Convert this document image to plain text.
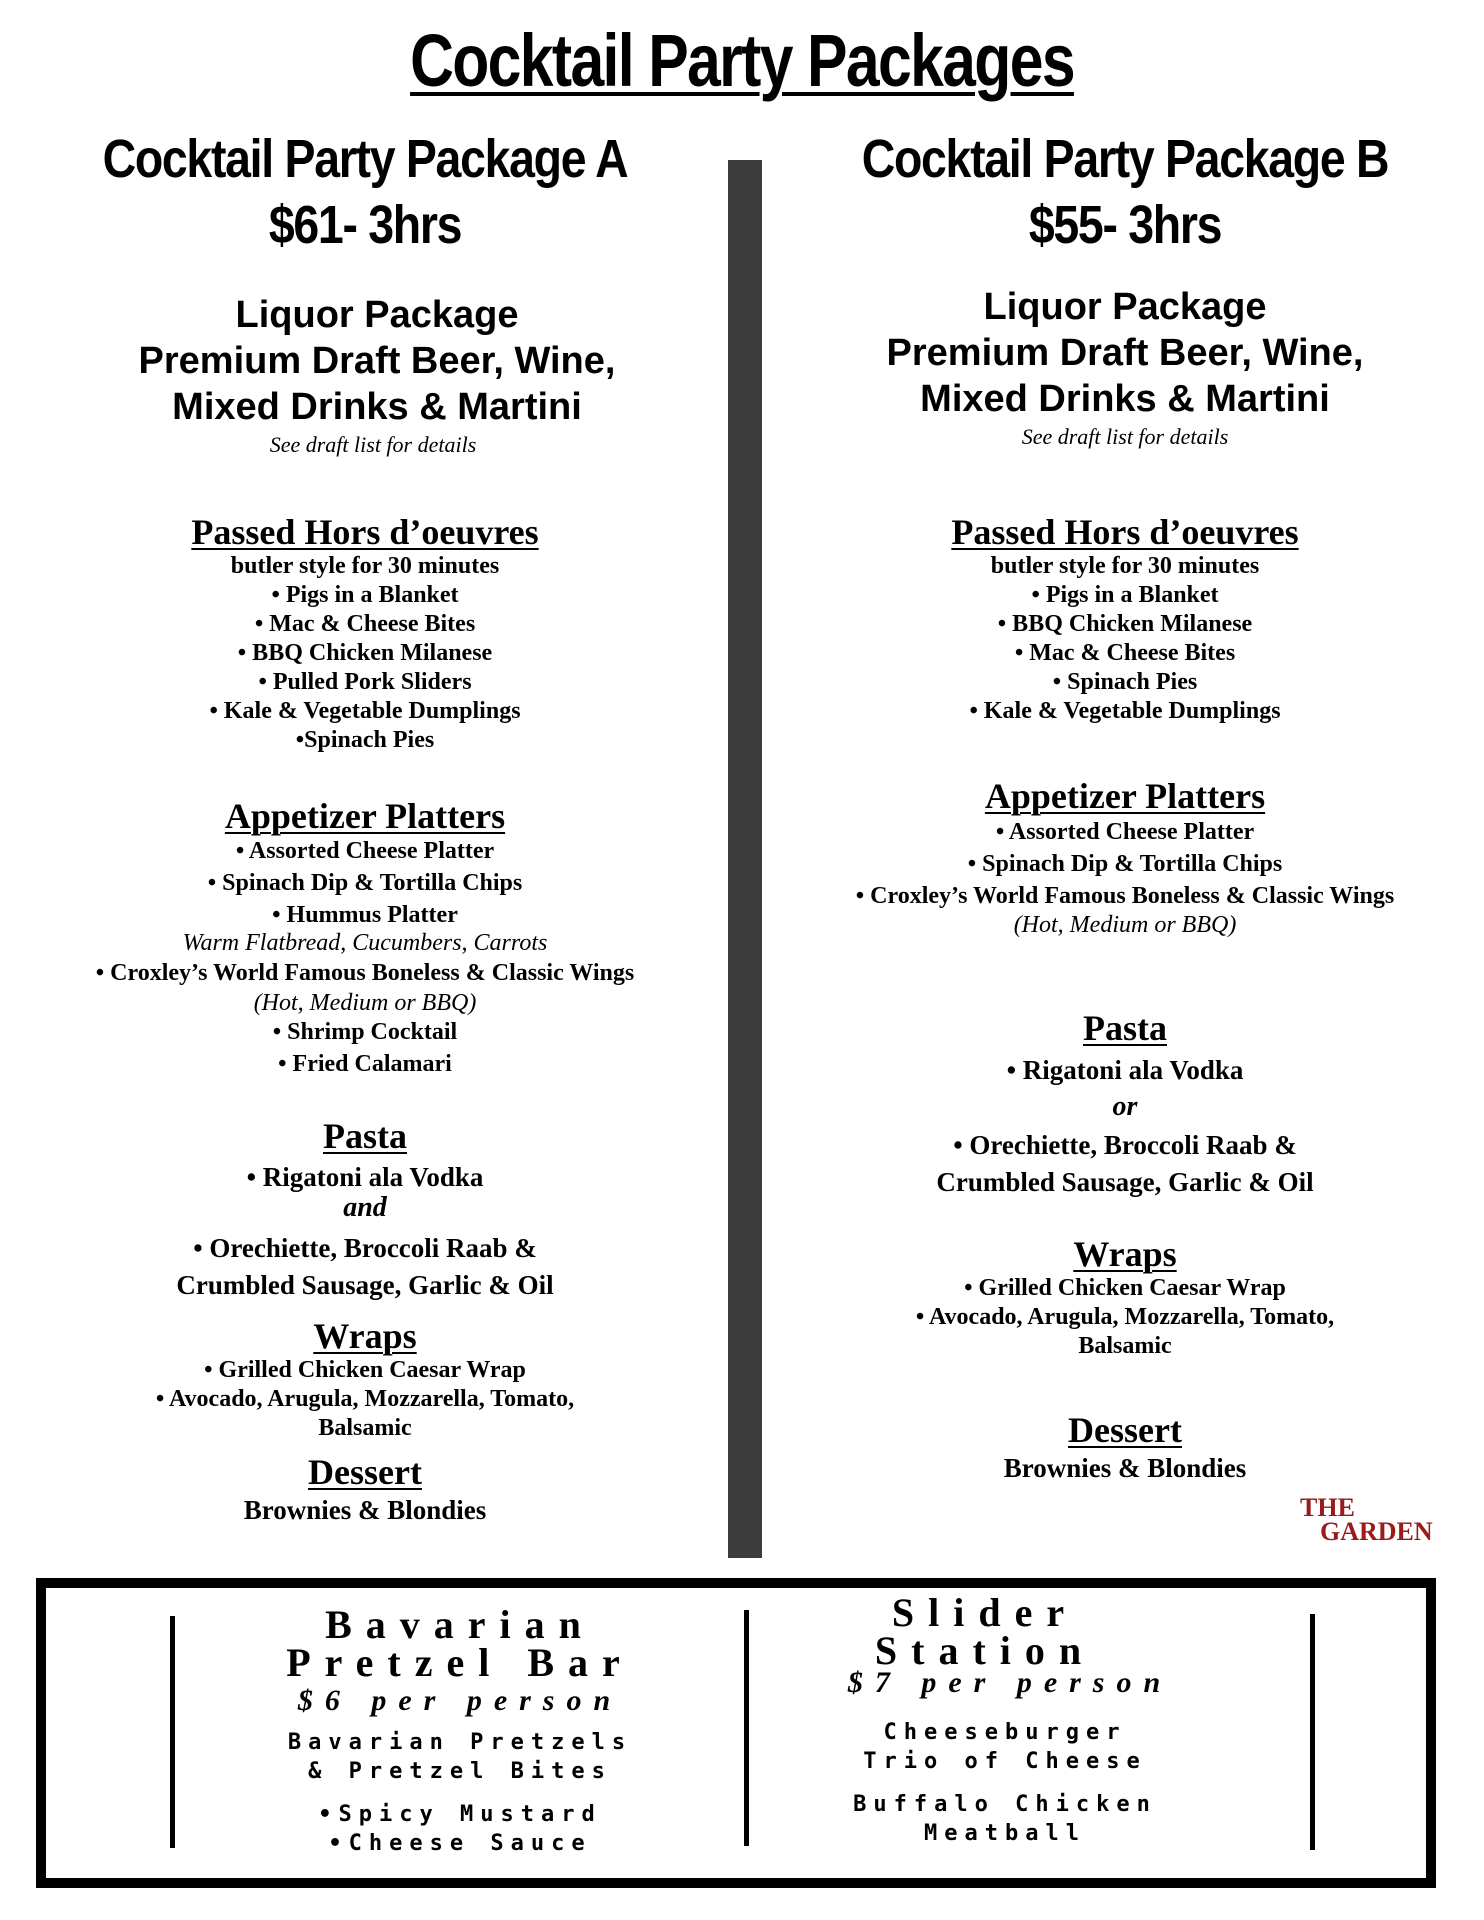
Cocktail Party Packages
Cocktail Party Package A
$61- 3hrs
Liquor Package
Premium Draft Beer, Wine,
Mixed Drinks & Martini
See draft list for details
Passed Hors d’oeuvres
butler style for 30 minutes
• Pigs in a Blanket
• Mac & Cheese Bites
• BBQ Chicken Milanese
• Pulled Pork Sliders
• Kale & Vegetable Dumplings
•Spinach Pies
Appetizer Platters
• Assorted Cheese Platter
• Spinach Dip & Tortilla Chips
• Hummus Platter
Warm Flatbread, Cucumbers, Carrots
• Croxley’s World Famous Boneless & Classic Wings
(Hot, Medium or BBQ)
• Shrimp Cocktail
• Fried Calamari
Pasta
• Rigatoni ala Vodka
and
• Orechiette, Broccoli Raab &
Crumbled Sausage, Garlic & Oil
Wraps
• Grilled Chicken Caesar Wrap
• Avocado, Arugula, Mozzarella, Tomato,
Balsamic
Dessert
Brownies & Blondies
Cocktail Party Package B
$55- 3hrs
Liquor Package
Premium Draft Beer, Wine,
Mixed Drinks & Martini
See draft list for details
Passed Hors d’oeuvres
butler style for 30 minutes
• Pigs in a Blanket
• BBQ Chicken Milanese
• Mac & Cheese Bites
• Spinach Pies
• Kale & Vegetable Dumplings
Appetizer Platters
• Assorted Cheese Platter
• Spinach Dip & Tortilla Chips
• Croxley’s World Famous Boneless & Classic Wings
(Hot, Medium or BBQ)
Pasta
• Rigatoni ala Vodka
or
• Orechiette, Broccoli Raab &
Crumbled Sausage, Garlic & Oil
Wraps
• Grilled Chicken Caesar Wrap
• Avocado, Arugula, Mozzarella, Tomato,
Balsamic
Dessert
Brownies & Blondies
THE
GARDEN
Bavarian
Pretzel Bar
$6 per person
Bavarian Pretzels
& Pretzel Bites
•Spicy Mustard
•Cheese Sauce
Slider
Station
$7 per person
Cheeseburger
Trio of Cheese
Buffalo Chicken
Meatball
